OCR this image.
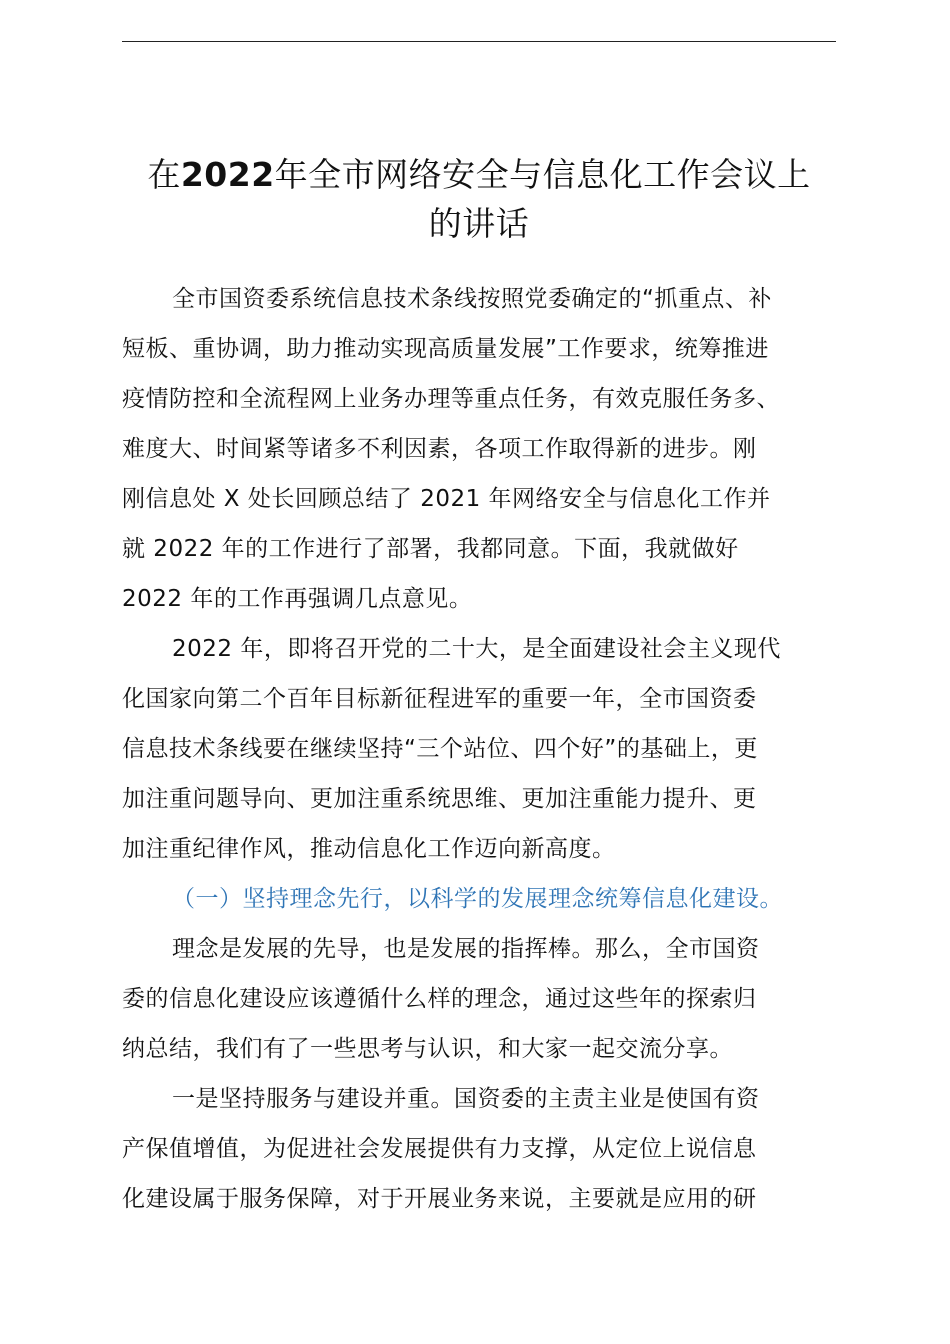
在2022年全市网络安全与信息化工作会议上
的讲话
全市国资委系统信息技术条线按照党委确定的“抓重点、补
短板、重协调，助力推动实现高质量发展”工作要求，统筹推进
疫情防控和全流程网上业务办理等重点任务，有效克服任务多、
难度大、时间紧等诸多不利因素，各项工作取得新的进步。刚
刚信息处 X 处长回顾总结了 2021 年网络安全与信息化工作并
就 2022 年的工作进行了部署，我都同意。下面，我就做好
2022 年的工作再强调几点意见。
2022 年，即将召开党的二十大，是全面建设社会主义现代
化国家向第二个百年目标新征程进军的重要一年，全市国资委
信息技术条线要在继续坚持“三个站位、四个好”的基础上，更
加注重问题导向、更加注重系统思维、更加注重能力提升、更
加注重纪律作风，推动信息化工作迈向新高度。
（一）坚持理念先行，以科学的发展理念统筹信息化建设。
理念是发展的先导，也是发展的指挥棒。那么，全市国资
委的信息化建设应该遵循什么样的理念，通过这些年的探索归
纳总结，我们有了一些思考与认识，和大家一起交流分享。
一是坚持服务与建设并重。国资委的主责主业是使国有资
产保值增值，为促进社会发展提供有力支撑，从定位上说信息
化建设属于服务保障，对于开展业务来说，主要就是应用的研
